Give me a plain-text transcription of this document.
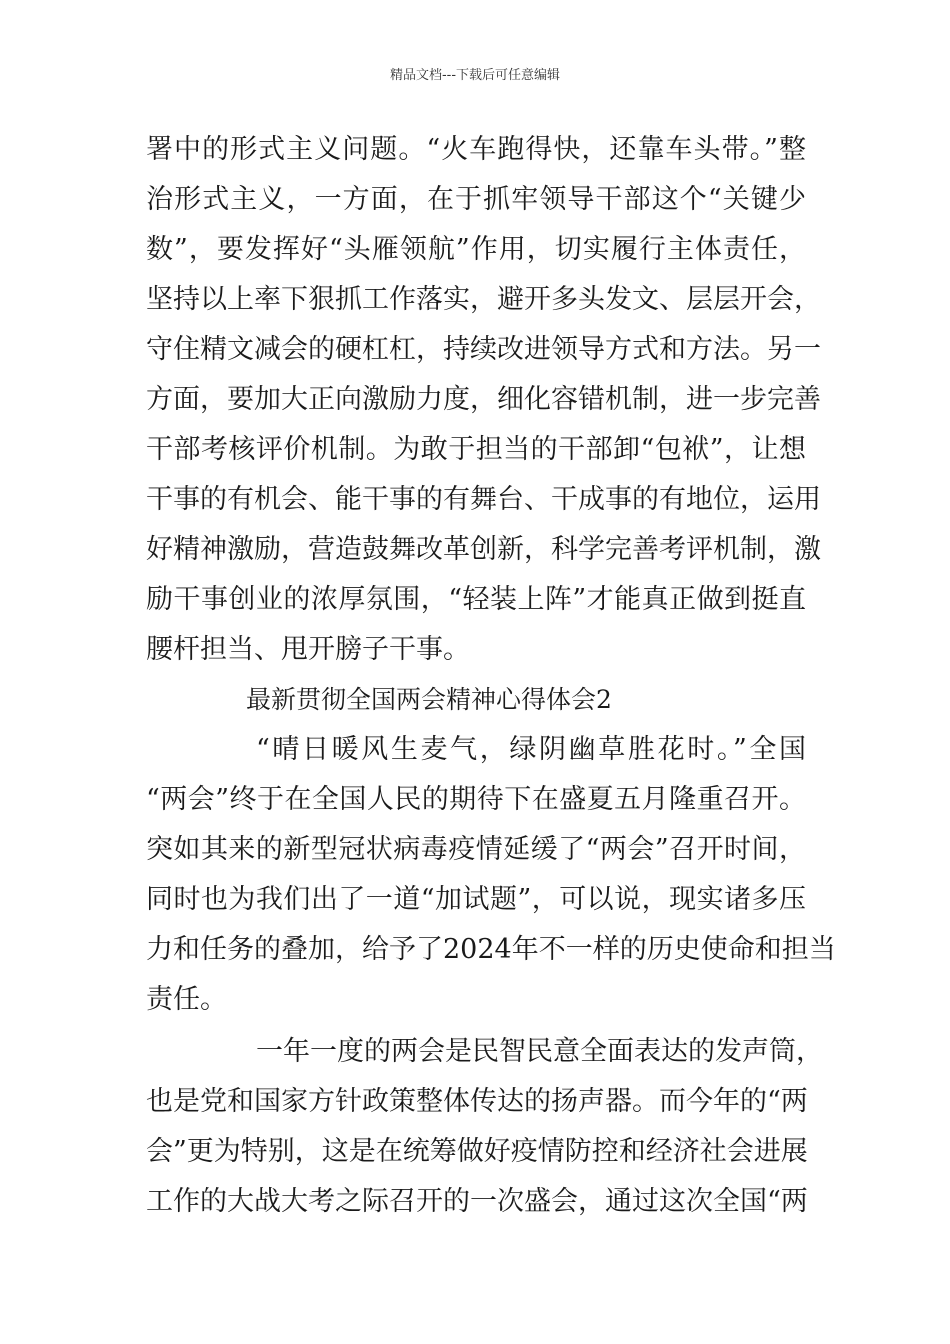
精品文档---下载后可任意编辑
署中的形式主义问题。“火车跑得快，还靠车头带。”整
治形式主义，一方面，在于抓牢领导干部这个“关键少
数”，要发挥好“头雁领航”作用，切实履行主体责任，
坚持以上率下狠抓工作落实，避开多头发文、层层开会，
守住精文减会的硬杠杠，持续改进领导方式和方法。另一
方面，要加大正向激励力度，细化容错机制，进一步完善
干部考核评价机制。为敢于担当的干部卸“包袱”，让想
干事的有机会、能干事的有舞台、干成事的有地位，运用
好精神激励，营造鼓舞改革创新，科学完善考评机制，激
励干事创业的浓厚氛围，“轻装上阵”才能真正做到挺直
腰杆担当、甩开膀子干事。
最新贯彻全国两会精神心得体会2
“晴日暖风生麦气，绿阴幽草胜花时。”全国
“两会”终于在全国人民的期待下在盛夏五月隆重召开。
突如其来的新型冠状病毒疫情延缓了“两会”召开时间，
同时也为我们出了一道“加试题”，可以说，现实诸多压
力和任务的叠加，给予了2024年不一样的历史使命和担当
责任。
一年一度的两会是民智民意全面表达的发声筒，
也是党和国家方针政策整体传达的扬声器。而今年的“两
会”更为特别，这是在统筹做好疫情防控和经济社会进展
工作的大战大考之际召开的一次盛会，通过这次全国“两
